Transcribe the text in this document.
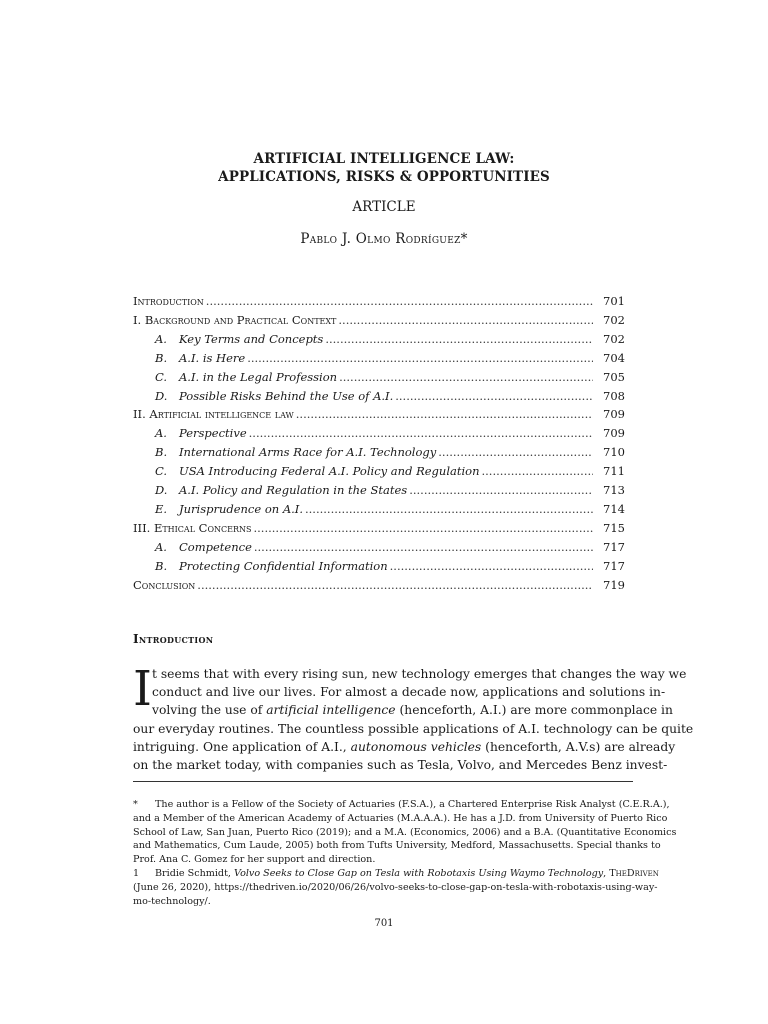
ARTIFICIAL INTELLIGENCE LAW:
APPLICATIONS, RISKS & OPPORTUNITIES
ARTICLE
Pablo J. Olmo Rodríguez*
Introduction .....	701
I. Background and Practical Context .....	702
A.	Key Terms and Concepts .....	702
B.	A.I. is Here .....	704
C.	A.I. in the Legal Profession .....	705
D.	Possible Risks Behind the Use of A.I. .....	708
II. Artificial intelligence law .....	709
A.	Perspective .....	709
B.	International Arms Race for A.I. Technology .....	710
C.	USA Introducing Federal A.I. Policy and Regulation .....	711
D.	A.I. Policy and Regulation in the States .....	713
E.	Jurisprudence on A.I. .....	714
III. Ethical Concerns .....	715
A.	Competence .....	717
B.	Protecting Confidential Information .....	717
Conclusion .....	719
Introduction
I t seems that with every rising sun, new technology emerges that changes the way we
conduct and live our lives. For almost a decade now, applications and solutions in-
volving the use of artificial intelligence (henceforth, A.I.) are more commonplace in
our everyday routines. The countless possible applications of A.I. technology can be quite
intriguing. One application of A.I., autonomous vehicles (henceforth, A.V.s) are already
on the market today, with companies such as Tesla, Volvo, and Mercedes Benz invest-
* The author is a Fellow of the Society of Actuaries (F.S.A.), a Chartered Enterprise Risk Analyst (C.E.R.A.),
and a Member of the American Academy of Actuaries (M.A.A.A.). He has a J.D. from University of Puerto Rico
School of Law, San Juan, Puerto Rico (2019); and a M.A. (Economics, 2006) and a B.A. (Quantitative Economics
and Mathematics, Cum Laude, 2005) both from Tufts University, Medford, Massachusetts. Special thanks to
Prof. Ana C. Gomez for her support and direction.
1 Bridie Schmidt, Volvo Seeks to Close Gap on Tesla with Robotaxis Using Waymo Technology, TheDriven
(June 26, 2020), https://thedriven.io/2020/06/26/volvo-seeks-to-close-gap-on-tesla-with-robotaxis-using-way-
mo-technology/.
701
